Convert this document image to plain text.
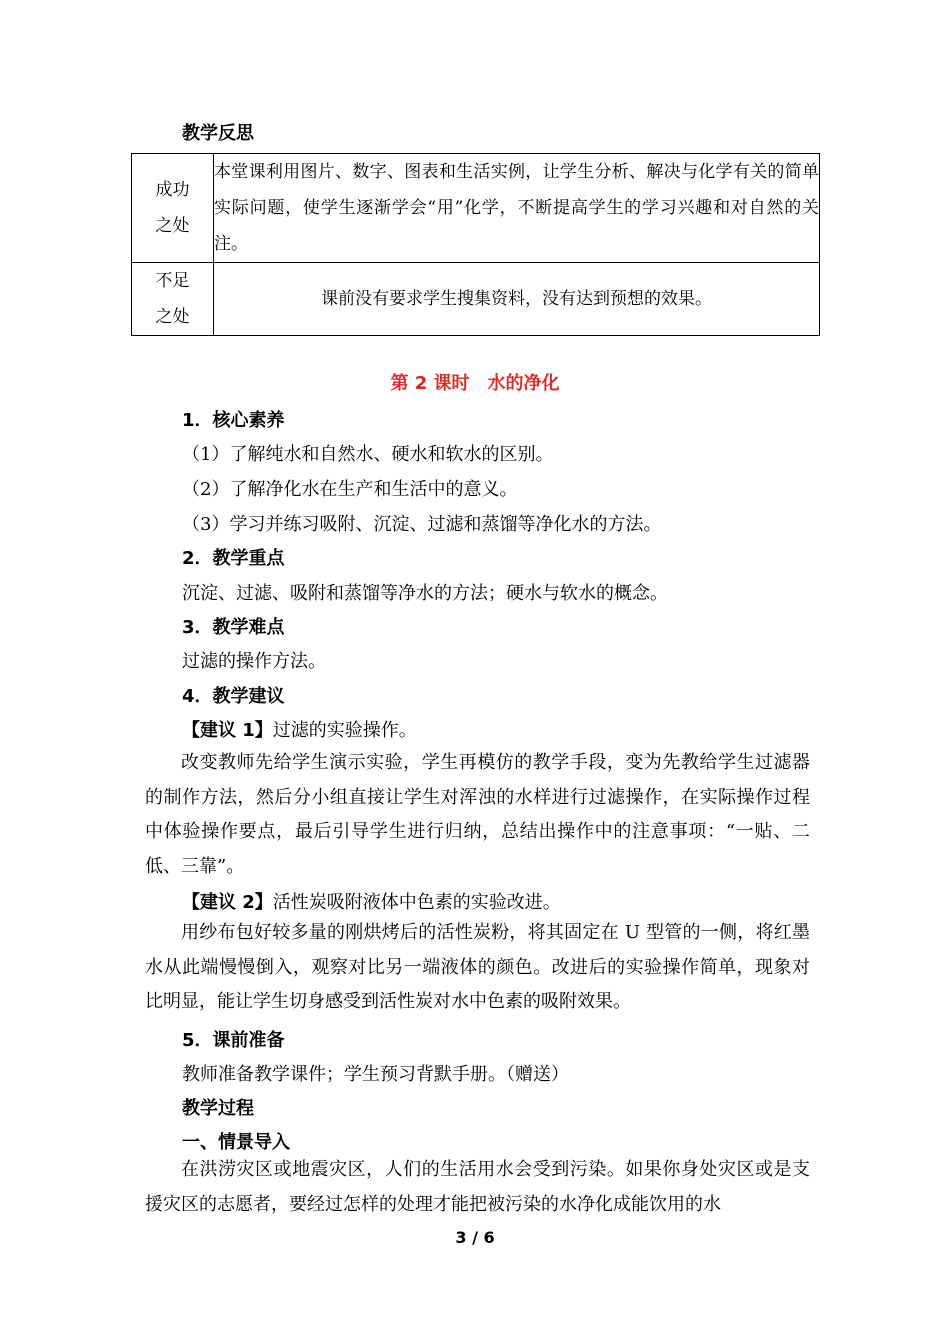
教学反思
成功
之处	本堂课利用图片、数字、图表和生活实例，让学生分析、解决与化学有关的简单实际问题，使学生逐渐学会“用”化学，不断提高学生的学习兴趣和对自然的关注。

不足
之处	课前没有要求学生搜集资料，没有达到预想的效果。
第 2 课时　水的净化
1．核心素养
（1）了解纯水和自然水、硬水和软水的区别。
（2）了解净化水在生产和生活中的意义。
（3）学习并练习吸附、沉淀、过滤和蒸馏等净化水的方法。
2．教学重点
沉淀、过滤、吸附和蒸馏等净水的方法；硬水与软水的概念。
3．教学难点
过滤的操作方法。
4．教学建议
【建议 1】过滤的实验操作。
改变教师先给学生演示实验，学生再模仿的教学手段，变为先教给学生过滤器的制作方法，然后分小组直接让学生对浑浊的水样进行过滤操作，在实际操作过程中体验操作要点，最后引导学生进行归纳，总结出操作中的注意事项：“一贴、二低、三靠”。
【建议 2】活性炭吸附液体中色素的实验改进。
用纱布包好较多量的刚烘烤后的活性炭粉，将其固定在 U 型管的一侧，将红墨水从此端慢慢倒入，观察对比另一端液体的颜色。改进后的实验操作简单，现象对比明显，能让学生切身感受到活性炭对水中色素的吸附效果。
5．课前准备
教师准备教学课件；学生预习背默手册。（赠送）
教学过程
一、情景导入
在洪涝灾区或地震灾区，人们的生活用水会受到污染。如果你身处灾区或是支援灾区的志愿者，要经过怎样的处理才能把被污染的水净化成能饮用的水
3 / 6
